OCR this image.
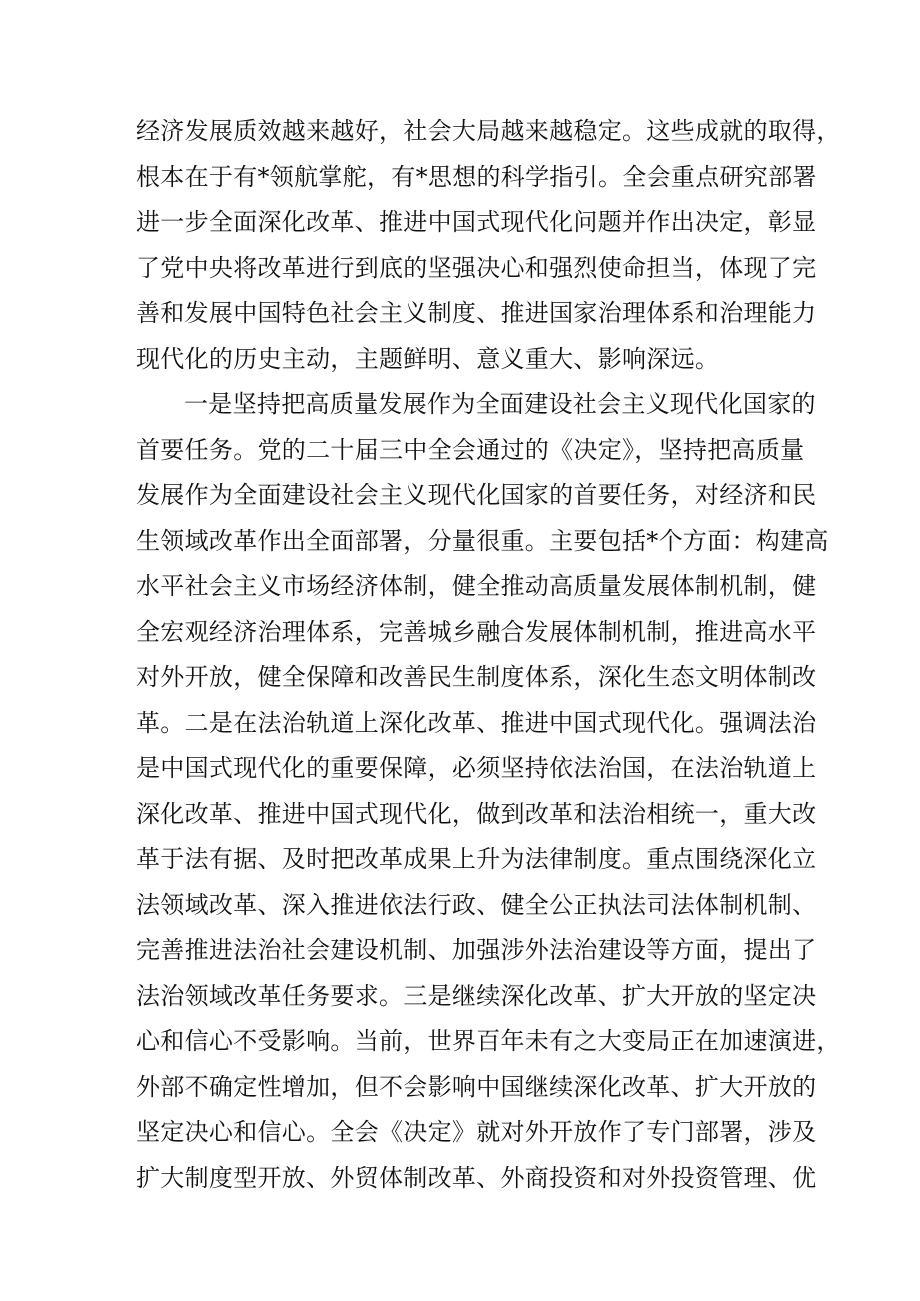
经济发展质效越来越好，社会大局越来越稳定。这些成就的取得，
根本在于有*领航掌舵，有*思想的科学指引。全会重点研究部署
进一步全面深化改革、推进中国式现代化问题并作出决定，彰显
了党中央将改革进行到底的坚强决心和强烈使命担当，体现了完
善和发展中国特色社会主义制度、推进国家治理体系和治理能力
现代化的历史主动，主题鲜明、意义重大、影响深远。
一是坚持把高质量发展作为全面建设社会主义现代化国家的
首要任务。党的二十届三中全会通过的《决定》，坚持把高质量
发展作为全面建设社会主义现代化国家的首要任务，对经济和民
生领域改革作出全面部署，分量很重。主要包括*个方面：构建高
水平社会主义市场经济体制，健全推动高质量发展体制机制，健
全宏观经济治理体系，完善城乡融合发展体制机制，推进高水平
对外开放，健全保障和改善民生制度体系，深化生态文明体制改
革。二是在法治轨道上深化改革、推进中国式现代化。强调法治
是中国式现代化的重要保障，必须坚持依法治国，在法治轨道上
深化改革、推进中国式现代化，做到改革和法治相统一，重大改
革于法有据、及时把改革成果上升为法律制度。重点围绕深化立
法领域改革、深入推进依法行政、健全公正执法司法体制机制、
完善推进法治社会建设机制、加强涉外法治建设等方面，提出了
法治领域改革任务要求。三是继续深化改革、扩大开放的坚定决
心和信心不受影响。当前，世界百年未有之大变局正在加速演进，
外部不确定性增加，但不会影响中国继续深化改革、扩大开放的
坚定决心和信心。全会《决定》就对外开放作了专门部署，涉及
扩大制度型开放、外贸体制改革、外商投资和对外投资管理、优
